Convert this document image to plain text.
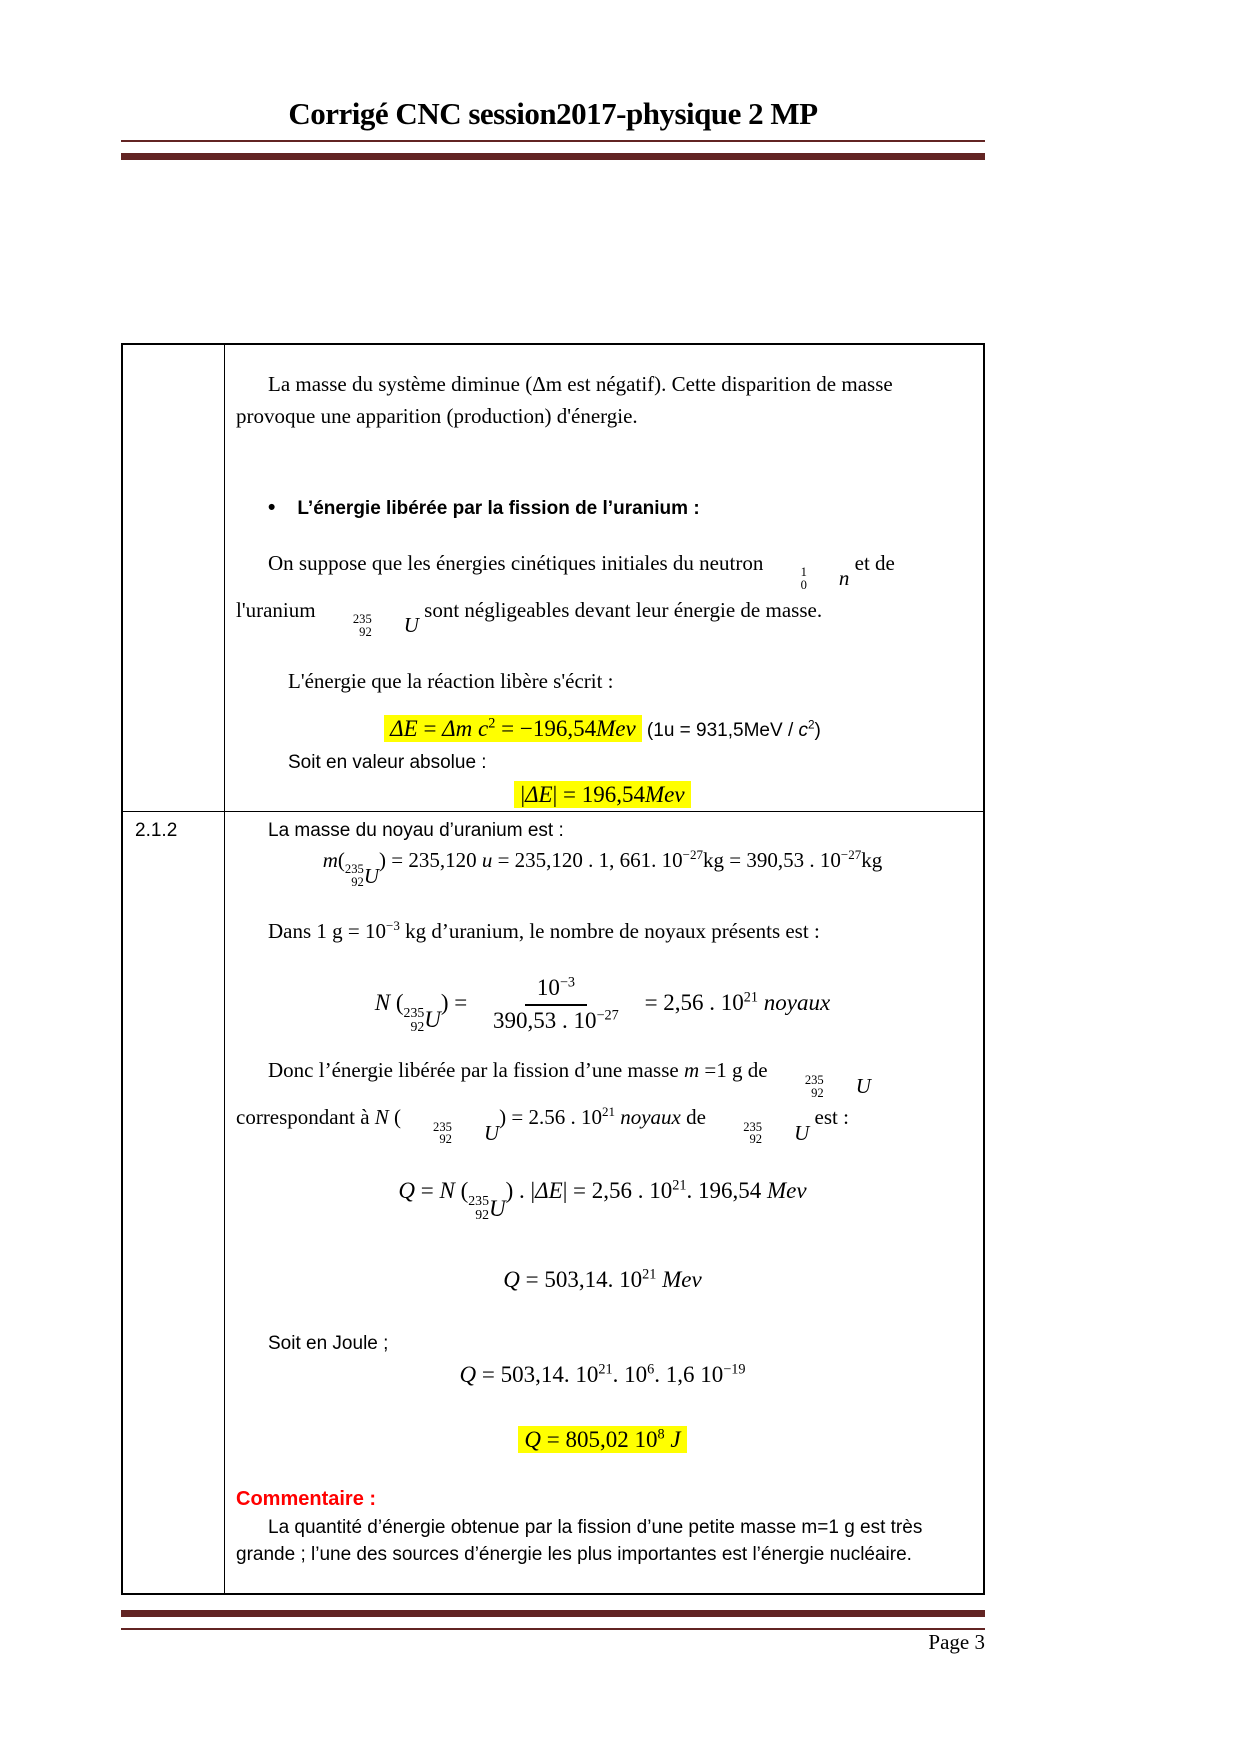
Corrigé CNC session2017-physique 2 MP

La masse du système diminue (Δm est négatif). Cette disparition de masse provoque une apparition (production) d'énergie.

• L’énergie libérée par la fission de l’uranium :

On suppose que les énergies cinétiques initiales du neutron	1
0	n
et de l'uranium	235
92	U
sont négligeables devant leur énergie de masse.

L'énergie que la réaction libère s'écrit :

ΔE = Δm $c^2 = -196,54Mev$ $(1u = 931,5MeV / c^2)$

Soit en valeur absolue :

|ΔE| = 196,54Mev

2.1.2	La masse du noyau d’uranium est :

m( 235
92 U
) = 235,120 u = 235,120 . 1, 661. $10^{-27}kg = 390,53$ . $10^{-27}kg$

Dans 1 $g = 10^{-3}$ kg d’uranium, le nombre de noyaux présents est :

N ( 235
92 U
) = $\frac{10^{-3}}{390,53 . 10^{-27}} = 2,56$ . $10^{21}$ noyaux

Donc l’énergie libérée par la fission d’une masse m =1 g de	235
92	U
correspondant à N (	235
92	U
) = 2.56 . $10^{21}$ noyaux de	235
92	U
est :

Q = N ( 235
92 U
) . |ΔE| = 2,56 . $10^{21}$. 196,54 Mev

Q = 503,14. $10^{21}$ Mev

Soit en Joule ;

Q = 503,14. $10^{21}$. $10^6$. 1,6 $10^{-19}$

Q = 805,02 $10^8$ J

Commentaire :

La quantité d’énergie obtenue par la fission d’une petite masse m=1 g est très grande ; l’une des sources d’énergie les plus importantes est l’énergie nucléaire.

Page 3
